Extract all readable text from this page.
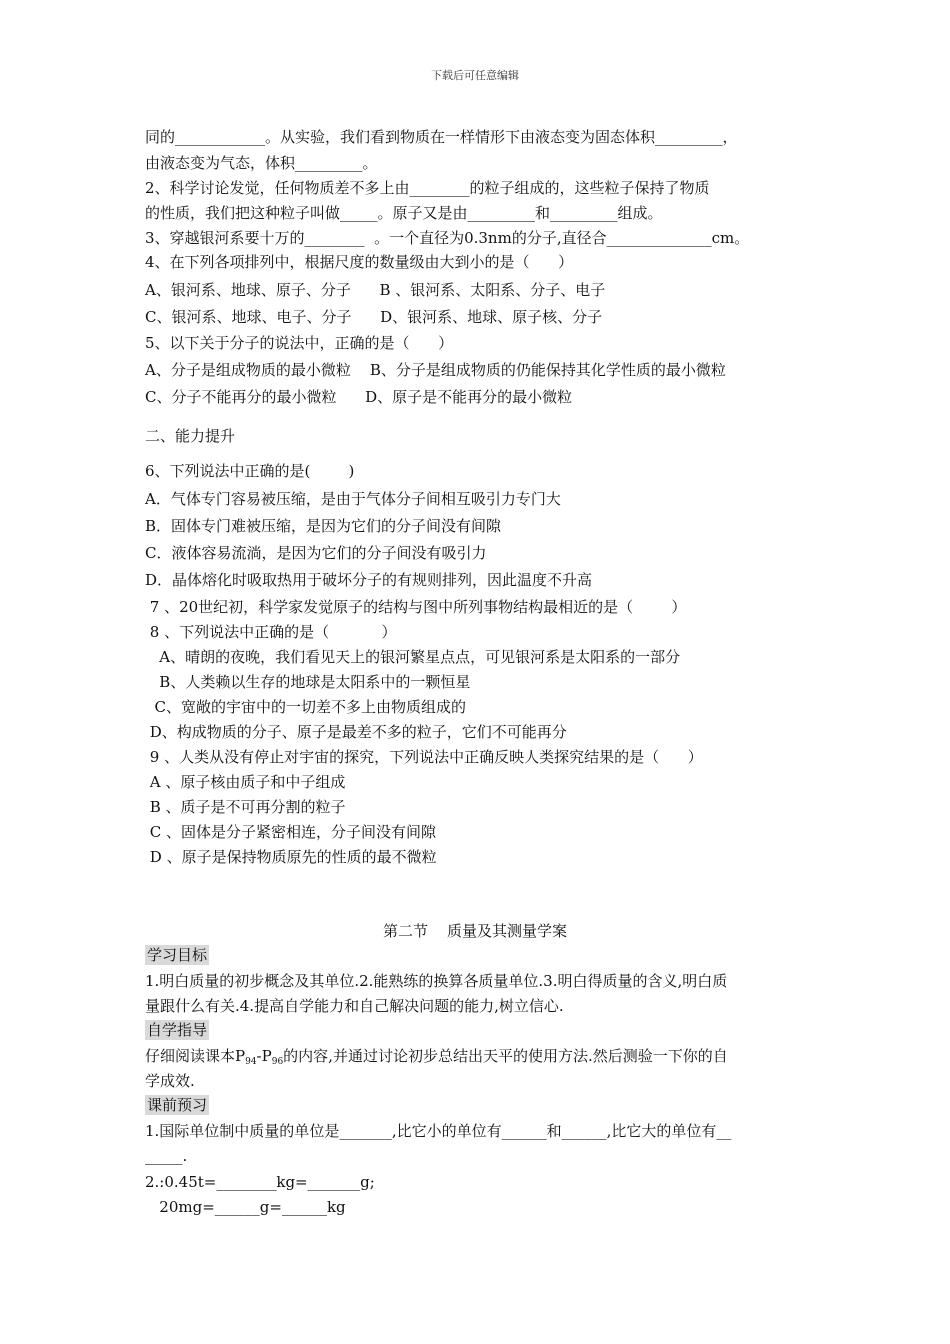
下载后可任意编辑
同的____________。从实验，我们看到物质在一样情形下由液态变为固态体积_________，
由液态变为气态，体积_________。
2、科学讨论发觉，任何物质差不多上由________的粒子组成的，这些粒子保持了物质
的性质，我们把这种粒子叫做_____。原子又是由_________和_________组成。
3、穿越银河系要十万的________  。一个直径为0.3nm的分子,直径合______________cm。
4、在下列各项排列中，根据尺度的数量级由大到小的是（      ）
A、银河系、地球、原子、分子      B 、银河系、太阳系、分子、电子
C、银河系、地球、电子、分子      D、银河系、地球、原子核、分子
5、以下关于分子的说法中，正确的是（      ）
A、分子是组成物质的最小微粒    B、分子是组成物质的仍能保持其化学性质的最小微粒
C、分子不能再分的最小微粒      D、原子是不能再分的最小微粒
二、能力提升
6、下列说法中正确的是(        )
A．气体专门容易被压缩，是由于气体分子间相互吸引力专门大
B．固体专门难被压缩，是因为它们的分子间没有间隙
C．液体容易流淌，是因为它们的分子间没有吸引力
D．晶体熔化时吸取热用于破坏分子的有规则排列，因此温度不升高
7 、20世纪初，科学家发觉原子的结构与图中所列事物结构最相近的是（        ）
8 、下列说法中正确的是（           ）
A、晴朗的夜晚，我们看见天上的银河繁星点点，可见银河系是太阳系的一部分
B、人类赖以生存的地球是太阳系中的一颗恒星
C、宽敞的宇宙中的一切差不多上由物质组成的
D、构成物质的分子、原子是最差不多的粒子，它们不可能再分
9 、人类从没有停止对宇宙的探究，下列说法中正确反映人类探究结果的是（      ）
A 、原子核由质子和中子组成
B 、质子是不可再分割的粒子
C 、固体是分子紧密相连，分子间没有间隙
D 、原子是保持物质原先的性质的最不微粒
第二节    质量及其测量学案
学习目标
1.明白质量的初步概念及其单位.2.能熟练的换算各质量单位.3.明白得质量的含义,明白质
量跟什么有关.4.提高自学能力和自己解决问题的能力,树立信心.
自学指导
仔细阅读课本$P_{94}-P_{96}$的内容,并通过讨论初步总结出天平的使用方法.然后测验一下你的自
学成效.
课前预习
1.国际单位制中质量的单位是_______,比它小的单位有______和______,比它大的单位有__
_____.
2.:0.45t=________kg=_______g;
20mg=______g=______kg
